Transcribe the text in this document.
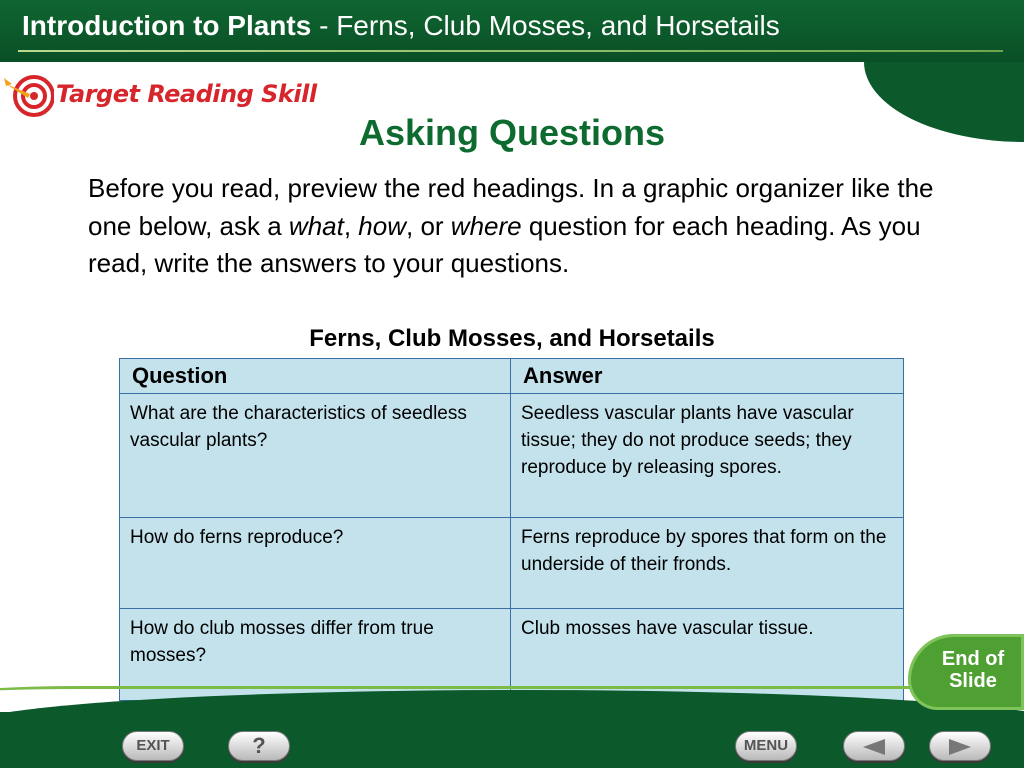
Introduction to Plants - Ferns, Club Mosses, and Horsetails
Target Reading Skill
Asking Questions
Before you read, preview the red headings. In a graphic organizer like the one below, ask a what, how, or where question for each heading. As you read, write the answers to your questions.
Ferns, Club Mosses, and Horsetails
Question	Answer
What are the characteristics of seedless vascular plants?	Seedless vascular plants have vascular tissue; they do not produce seeds; they reproduce by releasing spores.
How do ferns reproduce?	Ferns reproduce by spores that form on the underside of their fronds.
How do club mosses differ from true mosses?	Club mosses have vascular tissue.
End of
Slide
EXIT	?	MENU
